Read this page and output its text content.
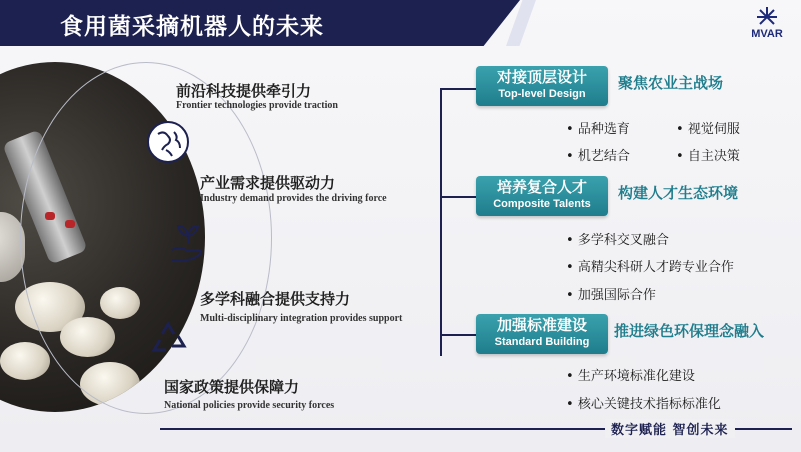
食用菌采摘机器人的未来	MVAR
前沿科技提供牵引力
Frontier technologies provide traction
产业需求提供驱动力
Industry demand provides the driving force
多学科融合提供支持力
Multi-disciplinary integration provides support
国家政策提供保障力
National policies provide security forces
对接顶层设计
Top-level Design
聚焦农业主战场
• 品种选育	• 视觉伺服
• 机艺结合	• 自主决策
培养复合人才
Composite Talents
构建人才生态环境
• 多学科交叉融合
• 高精尖科研人才跨专业合作
• 加强国际合作
加强标准建设
Standard Building
推进绿色环保理念融入
• 生产环境标准化建设
• 核心关键技术指标标准化
数字赋能 智创未来
